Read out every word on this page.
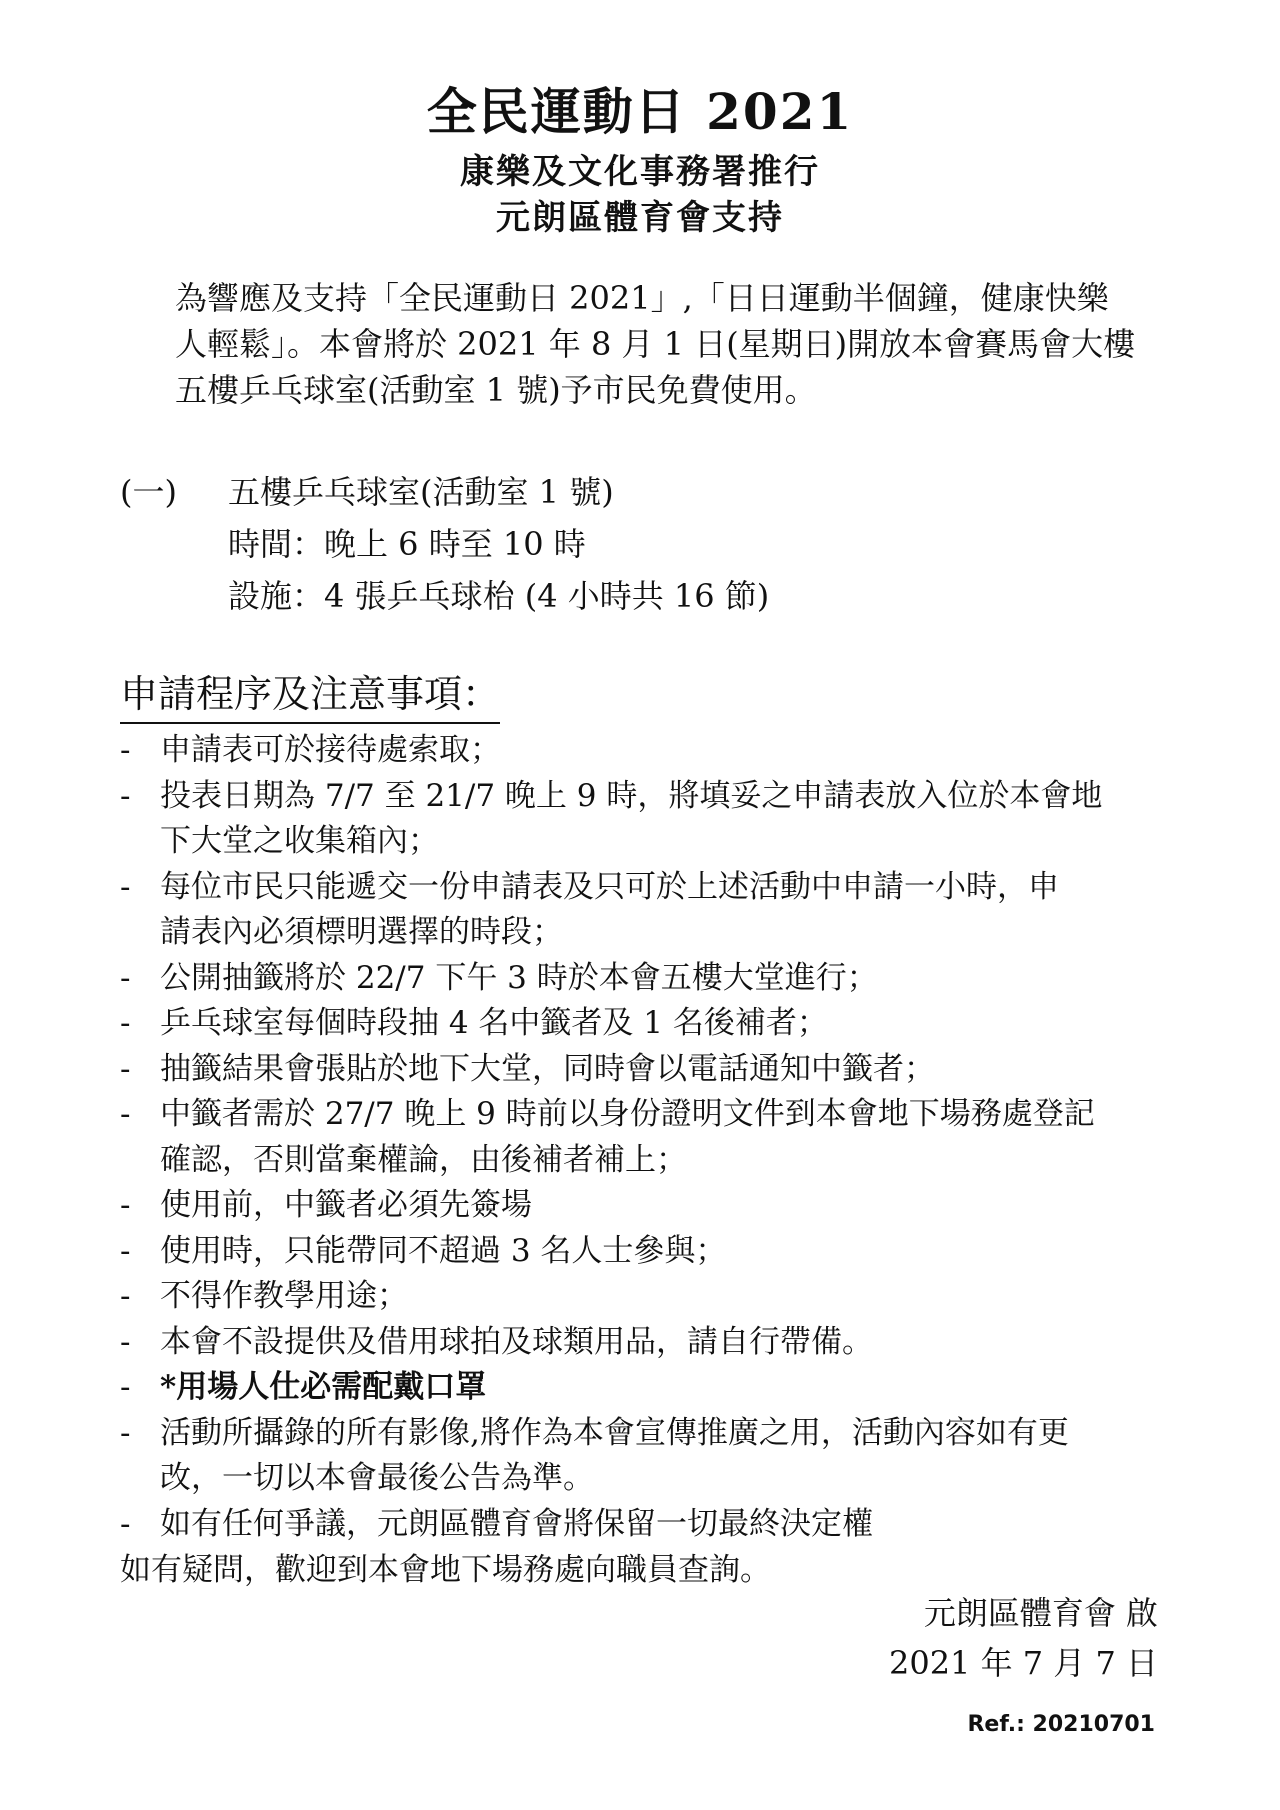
全民運動日 2021
康樂及文化事務署推行
元朗區體育會支持
為響應及支持「全民運動日 2021」,「日日運動半個鐘，健康快樂
人輕鬆」。本會將於 2021 年 8 月 1 日(星期日)開放本會賽馬會大樓
五樓乒乓球室(活動室 1 號)予市民免費使用。
(一) 五樓乒乓球室(活動室 1 號)
時間：晚上 6 時至 10 時
設施：4 張乒乓球枱 (4 小時共 16 節)
申請程序及注意事項：
- 申請表可於接待處索取；
- 投表日期為 7/7 至 21/7 晚上 9 時，將填妥之申請表放入位於本會地
下大堂之收集箱內；
- 每位市民只能遞交一份申請表及只可於上述活動中申請一小時，申
請表內必須標明選擇的時段；
- 公開抽籤將於 22/7 下午 3 時於本會五樓大堂進行；
- 乒乓球室每個時段抽 4 名中籤者及 1 名後補者；
- 抽籤結果會張貼於地下大堂，同時會以電話通知中籤者；
- 中籤者需於 27/7 晚上 9 時前以身份證明文件到本會地下場務處登記
確認，否則當棄權論，由後補者補上；
- 使用前，中籤者必須先簽場
- 使用時，只能帶同不超過 3 名人士參與；
- 不得作教學用途；
- 本會不設提供及借用球拍及球類用品，請自行帶備。
- *用場人仕必需配戴口罩
- 活動所攝錄的所有影像,將作為本會宣傳推廣之用，活動內容如有更
改，一切以本會最後公告為準。
- 如有任何爭議，元朗區體育會將保留一切最終決定權
如有疑問，歡迎到本會地下場務處向職員查詢。
元朗區體育會 啟
2021 年 7 月 7 日
Ref.: 20210701
